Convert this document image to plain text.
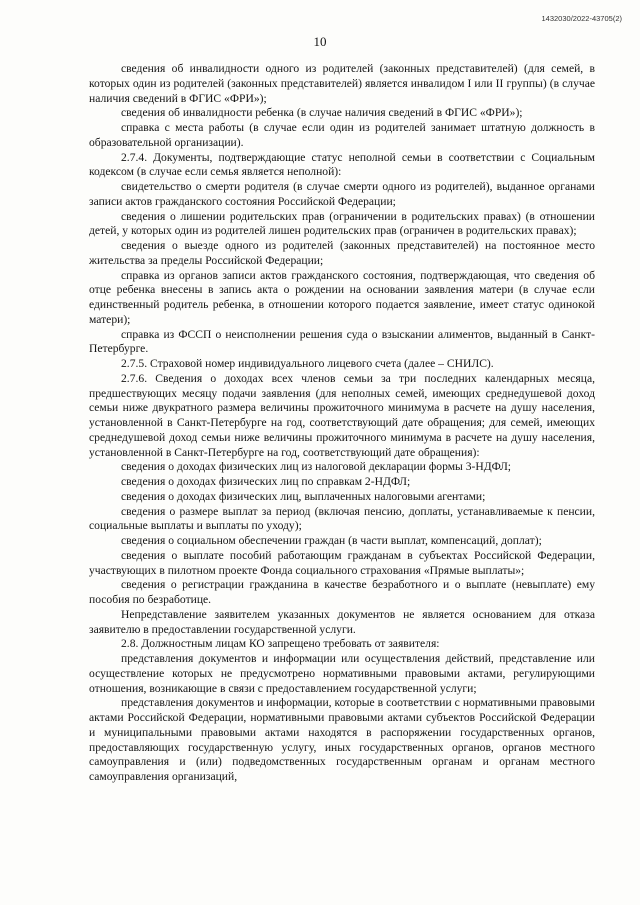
1432030/2022-43705(2)
10

сведения об инвалидности одного из родителей (законных представителей) (для семей, в которых один из родителей (законных представителей) является инвалидом I или II группы) (в случае наличия сведений в ФГИС «ФРИ»);

сведения об инвалидности ребенка (в случае наличия сведений в ФГИС «ФРИ»);

справка с места работы (в случае если один из родителей занимает штатную должность в образовательной организации).

2.7.4. Документы, подтверждающие статус неполной семьи в соответствии с Социальным кодексом (в случае если семья является неполной):

свидетельство о смерти родителя (в случае смерти одного из родителей), выданное органами записи актов гражданского состояния Российской Федерации;

сведения о лишении родительских прав (ограничении в родительских правах) (в отношении детей, у которых один из родителей лишен родительских прав (ограничен в родительских правах);

сведения о выезде одного из родителей (законных представителей) на постоянное место жительства за пределы Российской Федерации;

справка из органов записи актов гражданского состояния, подтверждающая, что сведения об отце ребенка внесены в запись акта о рождении на основании заявления матери (в случае если единственный родитель ребенка, в отношении которого подается заявление, имеет статус одинокой матери);

справка из ФССП о неисполнении решения суда о взыскании алиментов, выданный в Санкт-Петербурге.

2.7.5. Страховой номер индивидуального лицевого счета (далее – СНИЛС).

2.7.6. Сведения о доходах всех членов семьи за три последних календарных месяца, предшествующих месяцу подачи заявления (для неполных семей, имеющих среднедушевой доход семьи ниже двукратного размера величины прожиточного минимума в расчете на душу населения, установленной в Санкт-Петербурге на год, соответствующий дате обращения; для семей, имеющих среднедушевой доход семьи ниже величины прожиточного минимума в расчете на душу населения, установленной в Санкт-Петербурге на год, соответствующий дате обращения):

сведения о доходах физических лиц из налоговой декларации формы 3-НДФЛ;

сведения о доходах физических лиц по справкам 2-НДФЛ;

сведения о доходах физических лиц, выплаченных налоговыми агентами;

сведения о размере выплат за период (включая пенсию, доплаты, устанавливаемые к пенсии, социальные выплаты и выплаты по уходу);

сведения о социальном обеспечении граждан (в части выплат, компенсаций, доплат);

сведения о выплате пособий работающим гражданам в субъектах Российской Федерации, участвующих в пилотном проекте Фонда социального страхования «Прямые выплаты»;

сведения о регистрации гражданина в качестве безработного и о выплате (невыплате) ему пособия по безработице.

Непредставление заявителем указанных документов не является основанием для отказа заявителю в предоставлении государственной услуги.

2.8. Должностным лицам КО запрещено требовать от заявителя:

представления документов и информации или осуществления действий, представление или осуществление которых не предусмотрено нормативными правовыми актами, регулирующими отношения, возникающие в связи с предоставлением государственной услуги;

представления документов и информации, которые в соответствии с нормативными правовыми актами Российской Федерации, нормативными правовыми актами субъектов Российской Федерации и муниципальными правовыми актами находятся в распоряжении государственных органов, предоставляющих государственную услугу, иных государственных органов, органов местного самоуправления и (или) подведомственных государственным органам и органам местного самоуправления организаций,
